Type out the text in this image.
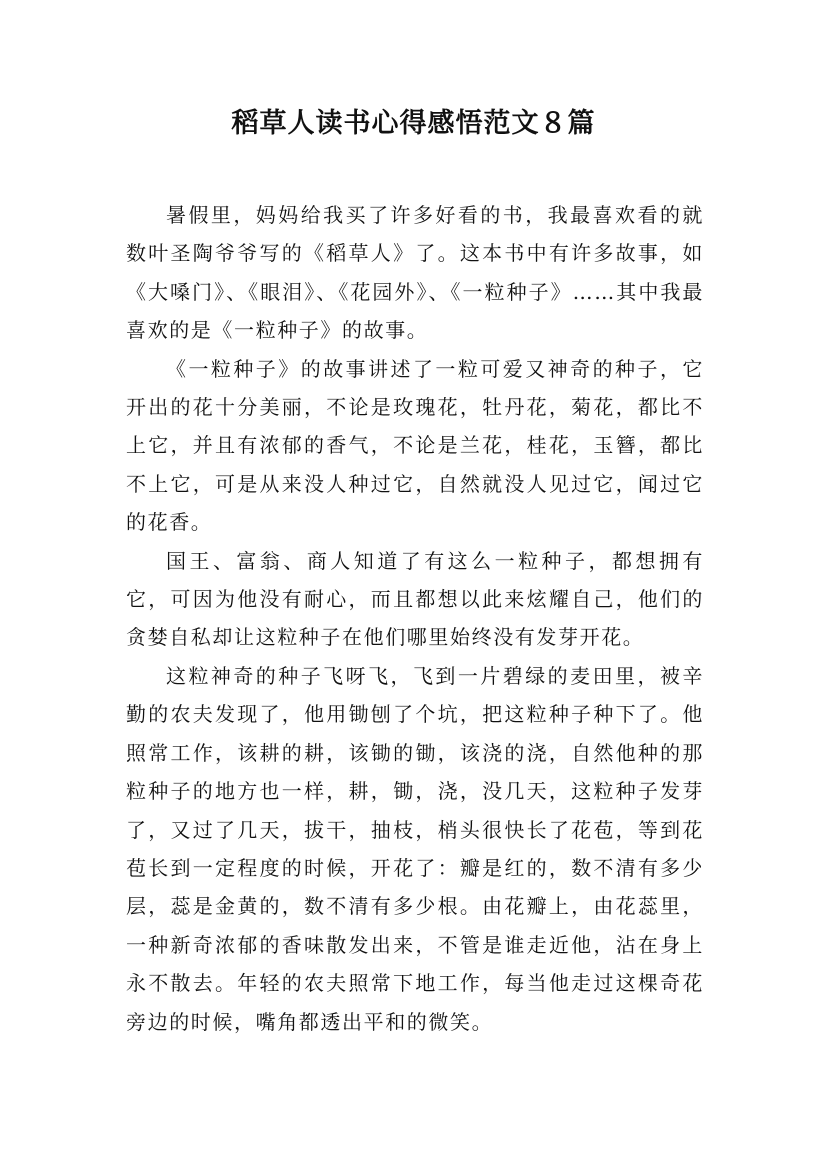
稻草人读书心得感悟范文８篇

暑假里，妈妈给我买了许多好看的书，我最喜欢看的就数叶圣陶爷爷写的《稻草人》了。这本书中有许多故事，如《大嗓门》、《眼泪》、《花园外》、《一粒种子》……其中我最喜欢的是《一粒种子》的故事。

《一粒种子》的故事讲述了一粒可爱又神奇的种子，它开出的花十分美丽，不论是玫瑰花，牡丹花，菊花，都比不上它，并且有浓郁的香气，不论是兰花，桂花，玉簪，都比不上它，可是从来没人种过它，自然就没人见过它，闻过它的花香。

国王、富翁、商人知道了有这么一粒种子，都想拥有它，可因为他没有耐心，而且都想以此来炫耀自己，他们的贪婪自私却让这粒种子在他们哪里始终没有发芽开花。

这粒神奇的种子飞呀飞，飞到一片碧绿的麦田里，被辛勤的农夫发现了，他用锄刨了个坑，把这粒种子种下了。他照常工作，该耕的耕，该锄的锄，该浇的浇，自然他种的那粒种子的地方也一样，耕，锄，浇，没几天，这粒种子发芽了，又过了几天，拔干，抽枝，梢头很快长了花苞，等到花苞长到一定程度的时候，开花了：瓣是红的，数不清有多少层，蕊是金黄的，数不清有多少根。由花瓣上，由花蕊里，一种新奇浓郁的香味散发出来，不管是谁走近他，沾在身上永不散去。年轻的农夫照常下地工作，每当他走过这棵奇花旁边的时候，嘴角都透出平和的微笑。
